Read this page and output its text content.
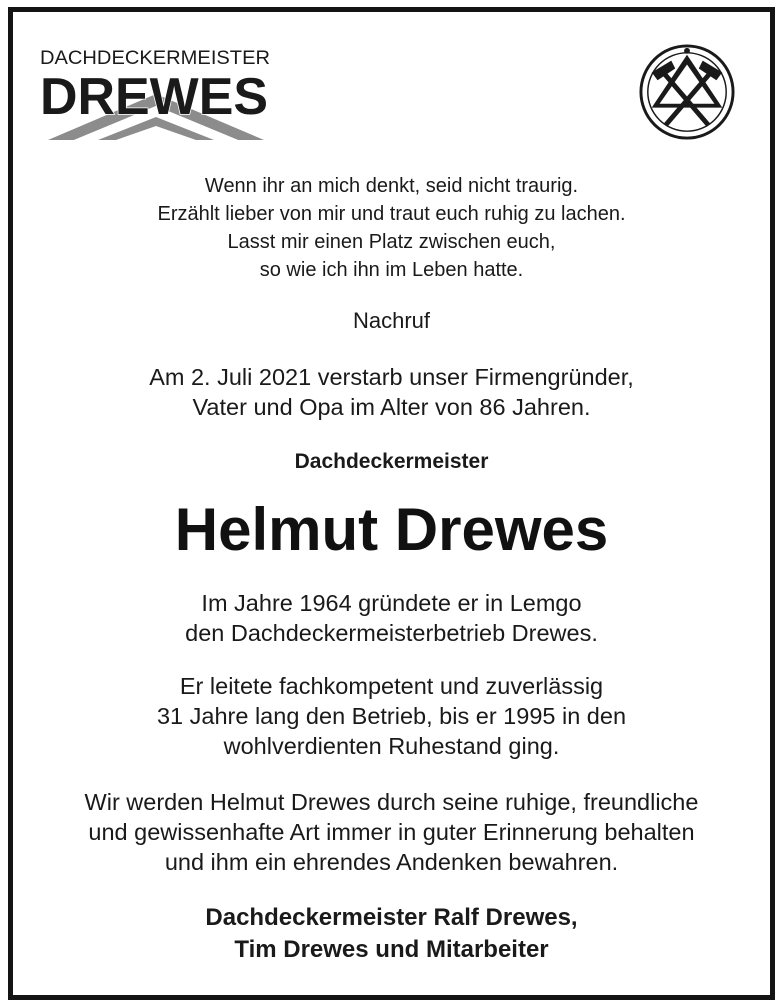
DACHDECKERMEISTER
DREWES
Wenn ihr an mich denkt, seid nicht traurig.
Erzählt lieber von mir und traut euch ruhig zu lachen.
Lasst mir einen Platz zwischen euch,
so wie ich ihn im Leben hatte.
Nachruf
Am 2. Juli 2021 verstarb unser Firmengründer,
Vater und Opa im Alter von 86 Jahren.
Dachdeckermeister
Helmut Drewes
Im Jahre 1964 gründete er in Lemgo
den Dachdeckermeisterbetrieb Drewes.
Er leitete fachkompetent und zuverlässig
31 Jahre lang den Betrieb, bis er 1995 in den
wohlverdienten Ruhestand ging.
Wir werden Helmut Drewes durch seine ruhige, freundliche
und gewissenhafte Art immer in guter Erinnerung behalten
und ihm ein ehrendes Andenken bewahren.
Dachdeckermeister Ralf Drewes,
Tim Drewes und Mitarbeiter
